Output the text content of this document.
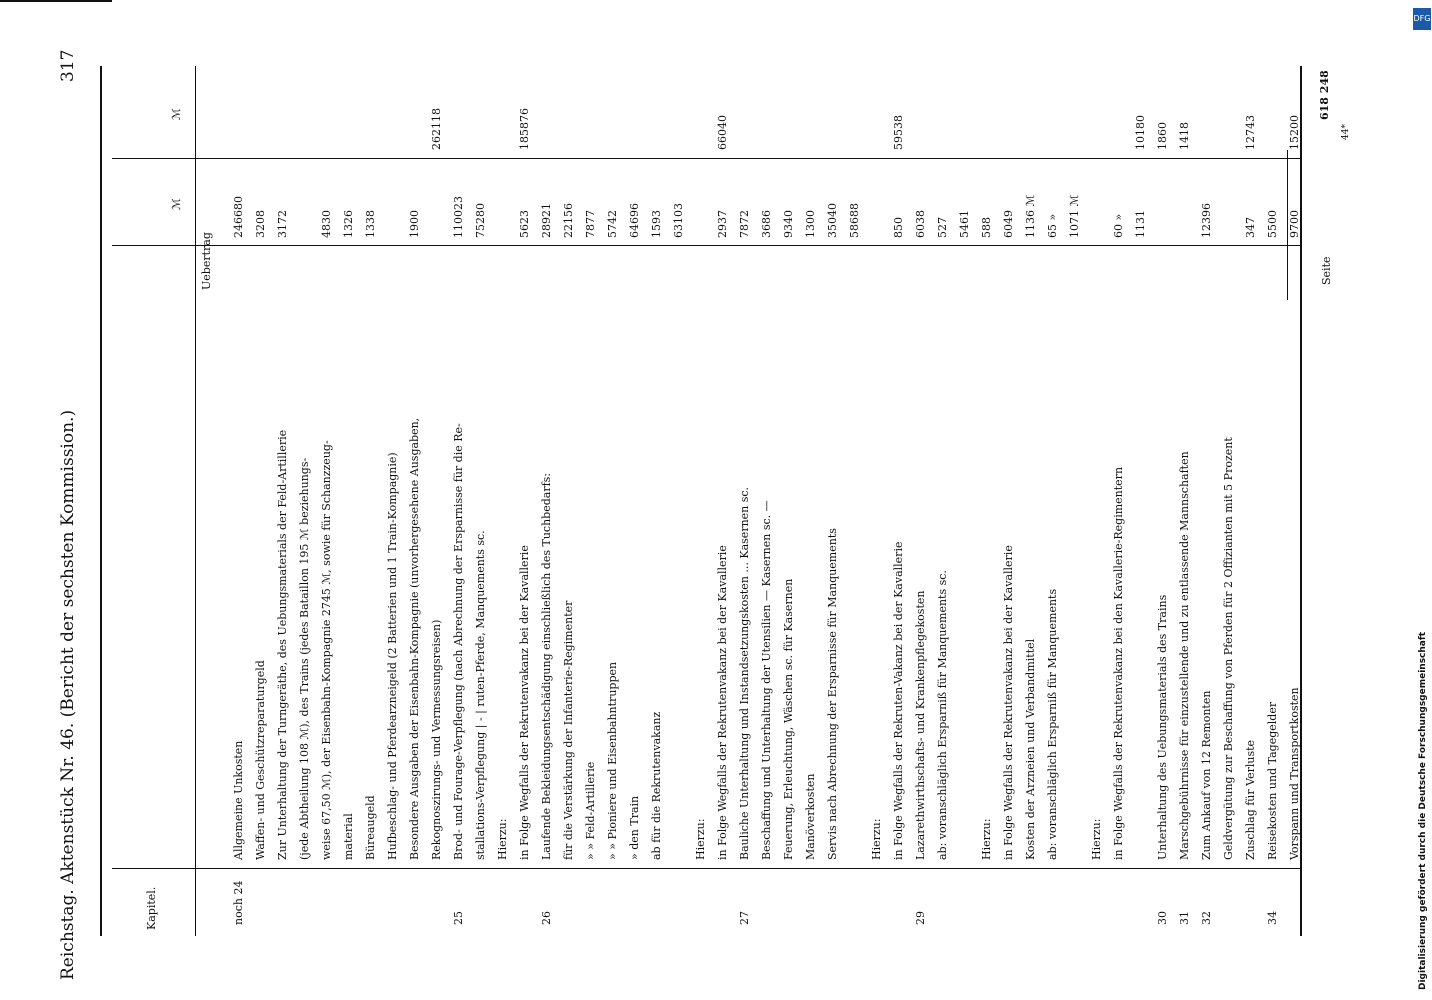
Reichstag. Aktenstück Nr. 46. (Bericht der sechsten Kommission.)
317
Kapitel.
ℳ
ℳ
noch 24
Allgemeine Unkosten
246680
Waffen- und Geschützreparaturgeld
3208
Zur Unterhaltung der Turngeräthe, des Uebungsmaterials der Feld-Artillerie
3172
(jede Abtheilung 108 ℳ), des Trains (jedes Bataillon 195 ℳ beziehungs- weise 67,50 ℳ), der Eisenbahn-Kompagnie 2745 ℳ, sowie für Schanzzeug-
4830
material
1326
Büreaugeld
1338
Hufbeschlag- und Pferdearzneigeld (2 Batterien und 1 Train-Kompagnie) Besondere Ausgaben der Eisenbahn-Kompagnie (unvorhergesehene Ausgaben,
1900
Rekognoszirungs- und Vermessungsreisen)
262118
25
Brod- und Fourage-Verpflegung (nach Abrechnung der Ersparnisse für die Re-
110023
stallations-Verpflegung | - | ruten-Pferde, Manquements sc.
75280
Hierzu: in Folge Wegfalls der Rekrutenvakanz bei der Kavallerie
5623
185876
26
Laufende Bekleidungsentschädigung einschließlich des Tuchbedarfs:
28921
für die Verstärkung der Infanterie-Regimenter
22156
» » Feld-Artillerie
7877
» » Pioniere und Eisenbahntruppen
5742
» den Train
64696
ab für die Rekrutenvakanz
1593 63103
Hierzu: in Folge Wegfalls der Rekrutenvakanz bei der Kavallerie
2937
66040
27
Bauliche Unterhaltung und Instandsetzungskosten ... Kasernen sc.
7872
Beschaffung und Unterhaltung der Utensilien — Kasernen sc. —
3686
Feuerung, Erleuchtung, Wäschen sc. für Kasernen
9340
Manöverkosten
1300
Servis nach Abrechnung der Ersparnisse für Manquements
35040 58688
Hierzu: in Folge Wegfalls der Rekruten-Vakanz bei der Kavallerie
850
59538
29
Lazarethwirthschafts- und Krankenpflegekosten
6038
ab: voranschläglich Ersparniß für Manquements sc.
527 5461
Hierzu:
588
in Folge Wegfalls der Rekrutenvakanz bei der Kavallerie
6049
Kosten der Arzneien und Verbandmittel
1136 ℳ
ab: voranschläglich Ersparniß für Manquements
65 » 1071 ℳ
Hierzu: in Folge Wegfalls der Rekrutenvakanz bei den Kavallerie-Regimentern
60 » 1131
10180
30
Unterhaltung des Uebungsmaterials des Trains
1860
31
Marschgebührnisse für einzustellende und zu entlassende Mannschaften
1418
32
Zum Ankauf von 12 Remonten
12396
Geldvergütung zur Beschaffung von Pferden für 2 Offizianten mit 5 Prozent Zuschlag für Verluste
347
12743
34
Reisekosten und Tagegelder
5500
Vorspann und Transportkosten
9700
15200
Uebertrag
618 248
44*
Seite
Digitalisierung gefördert durch die Deutsche Forschungsgemeinschaft
DFG
